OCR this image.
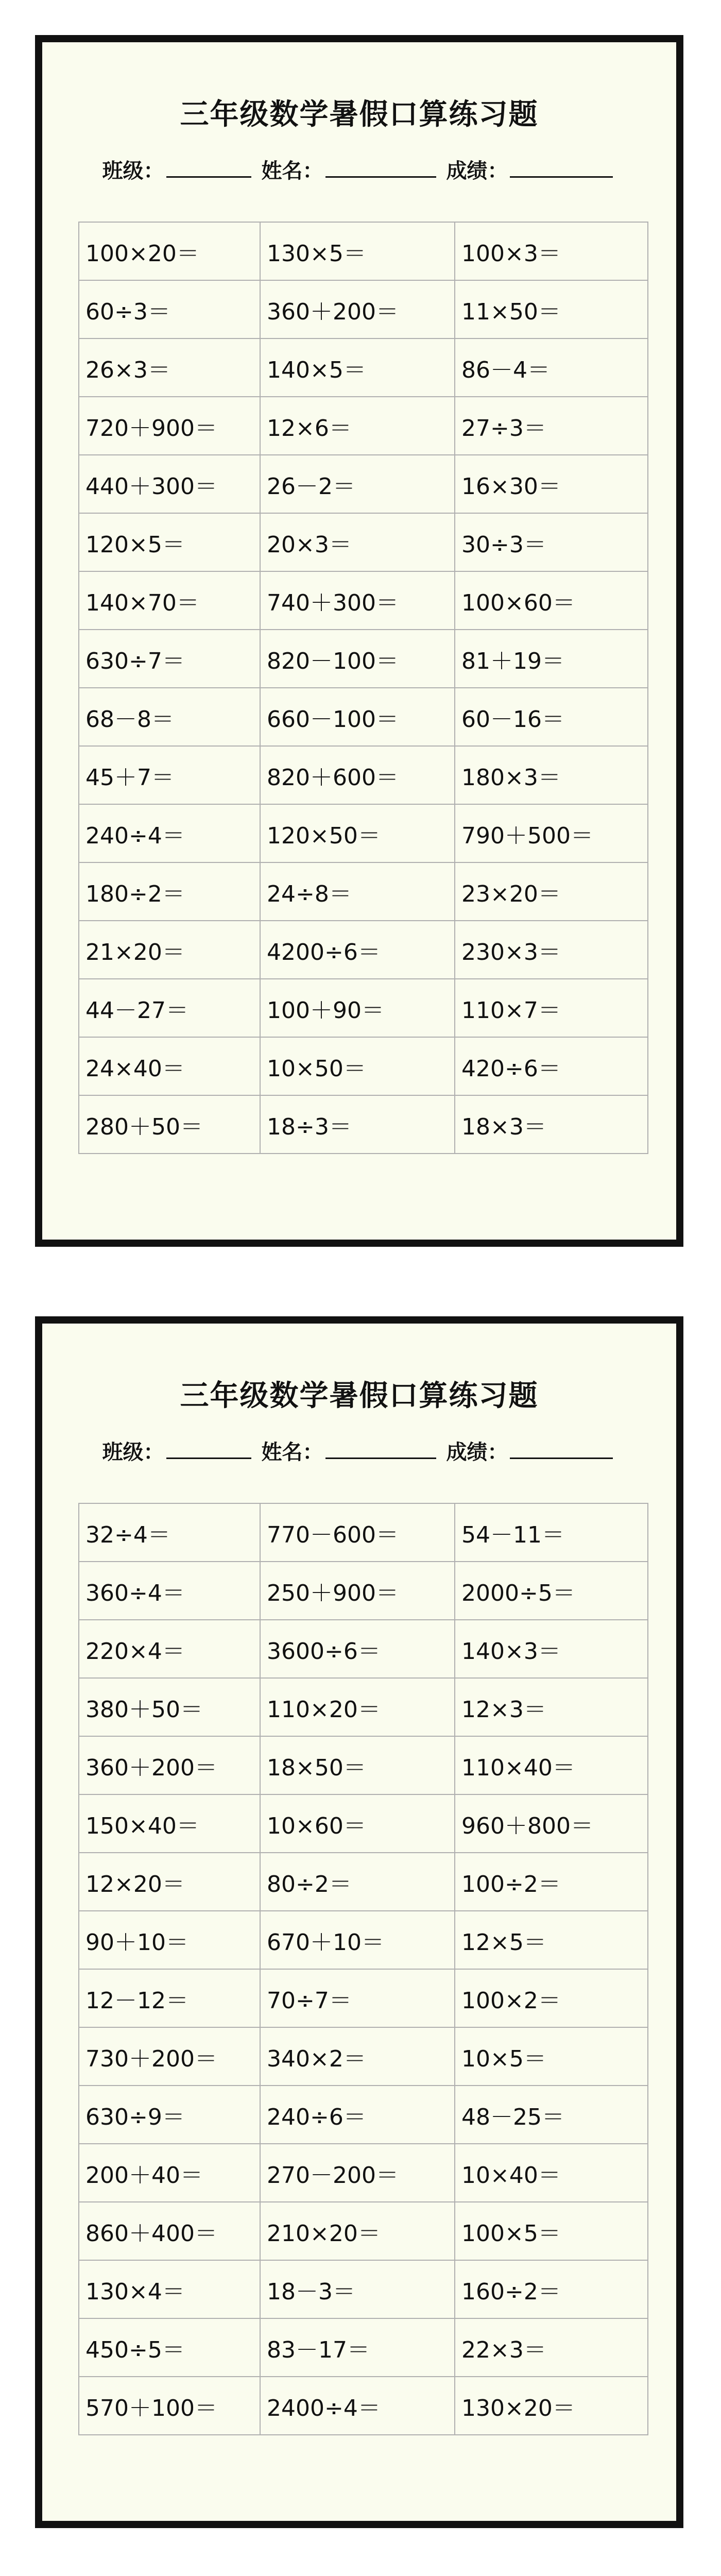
三年级数学暑假口算练习题
班级：	姓名：	成绩：
100×20＝	130×5＝	100×3＝
60÷3＝	360＋200＝	11×50＝
26×3＝	140×5＝	86－4＝
720＋900＝	12×6＝	27÷3＝
440＋300＝	26－2＝	16×30＝
120×5＝	20×3＝	30÷3＝
140×70＝	740＋300＝	100×60＝
630÷7＝	820－100＝	81＋19＝
68－8＝	660－100＝	60－16＝
45＋7＝	820＋600＝	180×3＝
240÷4＝	120×50＝	790＋500＝
180÷2＝	24÷8＝	23×20＝
21×20＝	4200÷6＝	230×3＝
44－27＝	100＋90＝	110×7＝
24×40＝	10×50＝	420÷6＝
280＋50＝	18÷3＝	18×3＝
三年级数学暑假口算练习题
班级：	姓名：	成绩：
32÷4＝	770－600＝	54－11＝
360÷4＝	250＋900＝	2000÷5＝
220×4＝	3600÷6＝	140×3＝
380＋50＝	110×20＝	12×3＝
360＋200＝	18×50＝	110×40＝
150×40＝	10×60＝	960＋800＝
12×20＝	80÷2＝	100÷2＝
90＋10＝	670＋10＝	12×5＝
12－12＝	70÷7＝	100×2＝
730＋200＝	340×2＝	10×5＝
630÷9＝	240÷6＝	48－25＝
200＋40＝	270－200＝	10×40＝
860＋400＝	210×20＝	100×5＝
130×4＝	18－3＝	160÷2＝
450÷5＝	83－17＝	22×3＝
570＋100＝	2400÷4＝	130×20＝
